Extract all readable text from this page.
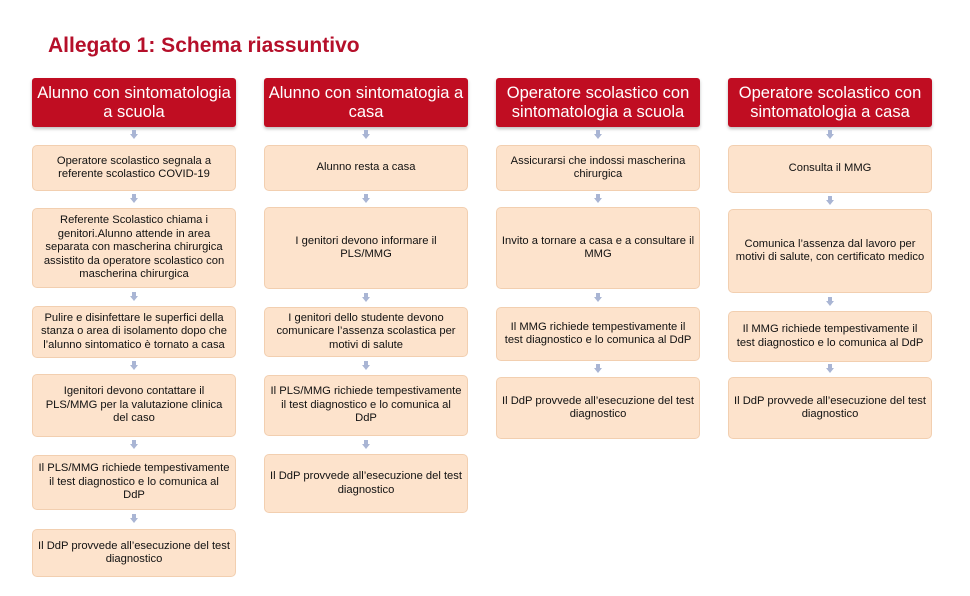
Allegato 1: Schema riassuntivo
Alunno con sintomatologia a scuola
Operatore scolastico segnala a referente scolastico COVID-19
Referente Scolastico chiama i genitori.Alunno attende in area separata con mascherina chirurgica assistito da operatore scolastico con mascherina chirurgica
Pulire e disinfettare le superfici della stanza o area di isolamento dopo che l’alunno sintomatico è tornato a casa
Igenitori devono contattare il PLS/MMG per la valutazione clinica del caso
Il PLS/MMG richiede tempestivamente il test diagnostico e lo comunica al DdP
Il DdP provvede all’esecuzione del test diagnostico
Alunno con sintomatogia a casa
Alunno resta a casa
I genitori devono informare il PLS/MMG
I genitori dello studente devono comunicare l’assenza scolastica per motivi di salute
Il PLS/MMG richiede tempestivamente il test diagnostico e lo comunica al DdP
Il DdP provvede all’esecuzione del test diagnostico
Operatore scolastico con sintomatologia a scuola
Assicurarsi che indossi mascherina chirurgica
Invito a tornare a casa e a consultare il MMG
Il MMG richiede tempestivamente il test diagnostico e lo comunica al DdP
Il DdP provvede all’esecuzione del test diagnostico
Operatore scolastico con sintomatologia a casa
Consulta il MMG
Comunica l’assenza dal lavoro per motivi di salute, con certificato medico
Il MMG richiede tempestivamente il test diagnostico e lo comunica al DdP
Il DdP provvede all’esecuzione del test diagnostico
